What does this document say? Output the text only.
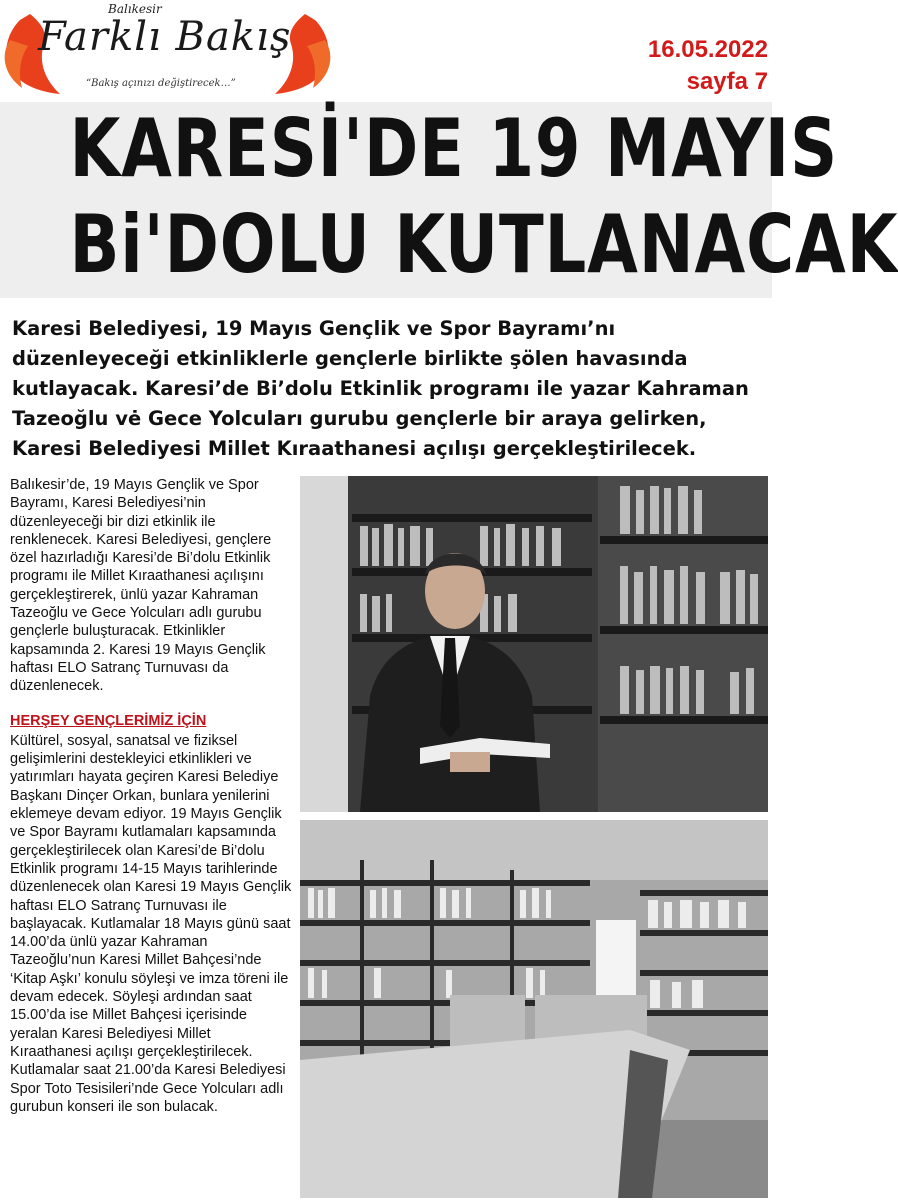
Balıkesir
Farklı Bakış
“Bakış açınızı değiştirecek…”
16.05.2022
sayfa 7
KARESİ'DE 19 MAYIS
Bi'DOLU KUTLANACAK
Karesi Belediyesi, 19 Mayıs Gençlik ve Spor Bayramı’nı düzenleyeceği etkinliklerle gençlerle birlikte şölen havasında kutlayacak. Karesi’de Bi’dolu Etkinlik programı ile yazar Kahraman Tazeoğlu vė Gece Yolcuları gurubu gençlerle bir araya gelirken, Karesi Belediyesi Millet Kıraathanesi açılışı gerçekleştirilecek.

Balıkesir’de, 19 Mayıs Gençlik ve Spor Bayramı, Karesi Belediyesi’nin düzenleyeceği bir dizi etkinlik ile renklenecek. Karesi Belediyesi, gençlere özel hazırladığı Karesi’de Bi’dolu Etkinlik programı ile Millet Kıraathanesi açılışını gerçekleştirerek, ünlü yazar Kahraman Tazeoğlu ve Gece Yolcuları adlı gurubu gençlerle buluşturacak. Etkinlikler kapsamında 2. Karesi 19 Mayıs Gençlik haftası ELO Satranç Turnuvası da düzenlenecek.

HERŞEY GENÇLERİMİZ İÇİN

Kültürel, sosyal, sanatsal ve fiziksel gelişimlerini destekleyici etkinlikleri ve yatırımları hayata geçiren Karesi Belediye Başkanı Dinçer Orkan, bunlara yenilerini eklemeye devam ediyor. 19 Mayıs Gençlik ve Spor Bayramı kutlamaları kapsamında gerçekleştirilecek olan Karesi’de Bi’dolu Etkinlik programı 14-15 Mayıs tarihlerinde düzenlenecek olan Karesi 19 Mayıs Gençlik haftası ELO Satranç Turnuvası ile başlayacak. Kutlamalar 18 Mayıs günü saat 14.00’da ünlü yazar Kahraman Tazeoğlu’nun Karesi Millet Bahçesi’nde ‘Kitap Aşkı’ konulu söyleşi ve imza töreni ile devam edecek. Söyleşi ardından saat 15.00’da ise Millet Bahçesi içerisinde yeralan Karesi Belediyesi Millet Kıraathanesi açılışı gerçekleştirilecek. Kutlamalar saat 21.00’da Karesi Belediyesi Spor Toto Tesisileri’nde Gece Yolcuları adlı gurubun konseri ile son bulacak.
